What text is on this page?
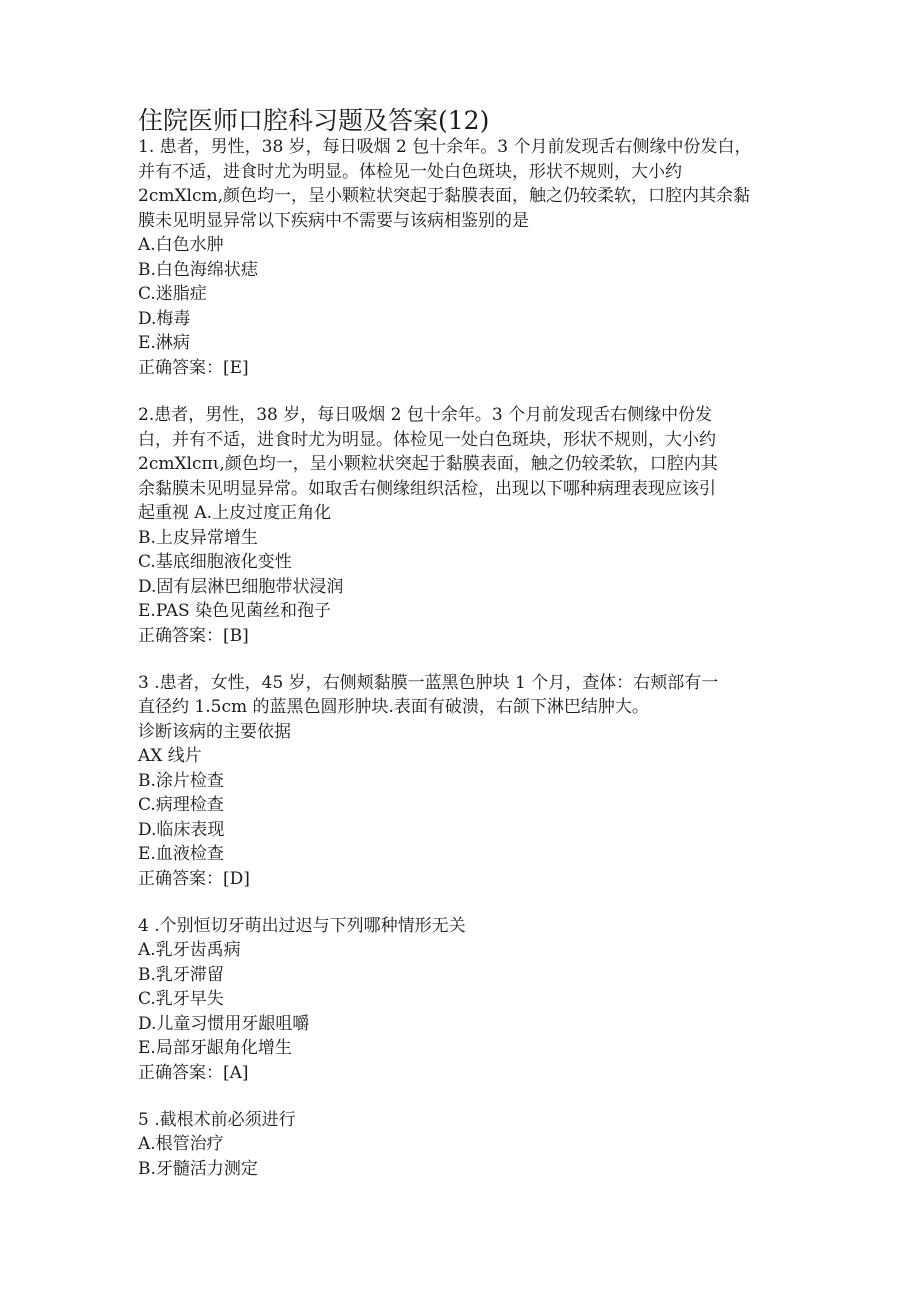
住院医师口腔科习题及答案(12)
1. 患者，男性，38 岁，每日吸烟 2 包十余年。3 个月前发现舌右侧缘中份发白，
并有不适，进食时尤为明显。体检见一处白色斑块，形状不规则，大小约
2cmXlcm,颜色均一，呈小颗粒状突起于黏膜表面，触之仍较柔软，口腔内其余黏
膜未见明显异常以下疾病中不需要与该病相鉴别的是
A.白色水肿
B.白色海绵状痣
C.迷脂症
D.梅毒
E.淋病
正确答案：[E]
2.患者，男性，38 岁，每日吸烟 2 包十余年。3 个月前发现舌右侧缘中份发
白，并有不适，进食时尤为明显。体检见一处白色斑块，形状不规则，大小约
2cmXlcπι,颜色均一，呈小颗粒状突起于黏膜表面，触之仍较柔软，口腔内其
余黏膜未见明显异常。如取舌右侧缘组织活检，出现以下哪种病理表现应该引
起重视 A.上皮过度正角化
B.上皮异常增生
C.基底细胞液化变性
D.固有层淋巴细胞带状浸润
E.PAS 染色见菌丝和孢子
正确答案：[B]
3 .患者，女性，45 岁，右侧颊黏膜一蓝黑色肿块 1 个月，查体：右颊部有一
直径约 1.5cm 的蓝黑色圆形肿块.表面有破溃，右颌下淋巴结肿大。
诊断该病的主要依据
AX 线片
B.涂片检查
C.病理检查
D.临床表现
E.血液检查
正确答案：[D]
4 .个别恒切牙萌出过迟与下列哪种情形无关
A.乳牙齿禹病
B.乳牙滞留
C.乳牙早失
D.儿童习惯用牙龈咀嚼
E.局部牙龈角化增生
正确答案：[A]
5 .截根术前必须进行
A.根管治疗
B.牙髓活力测定
